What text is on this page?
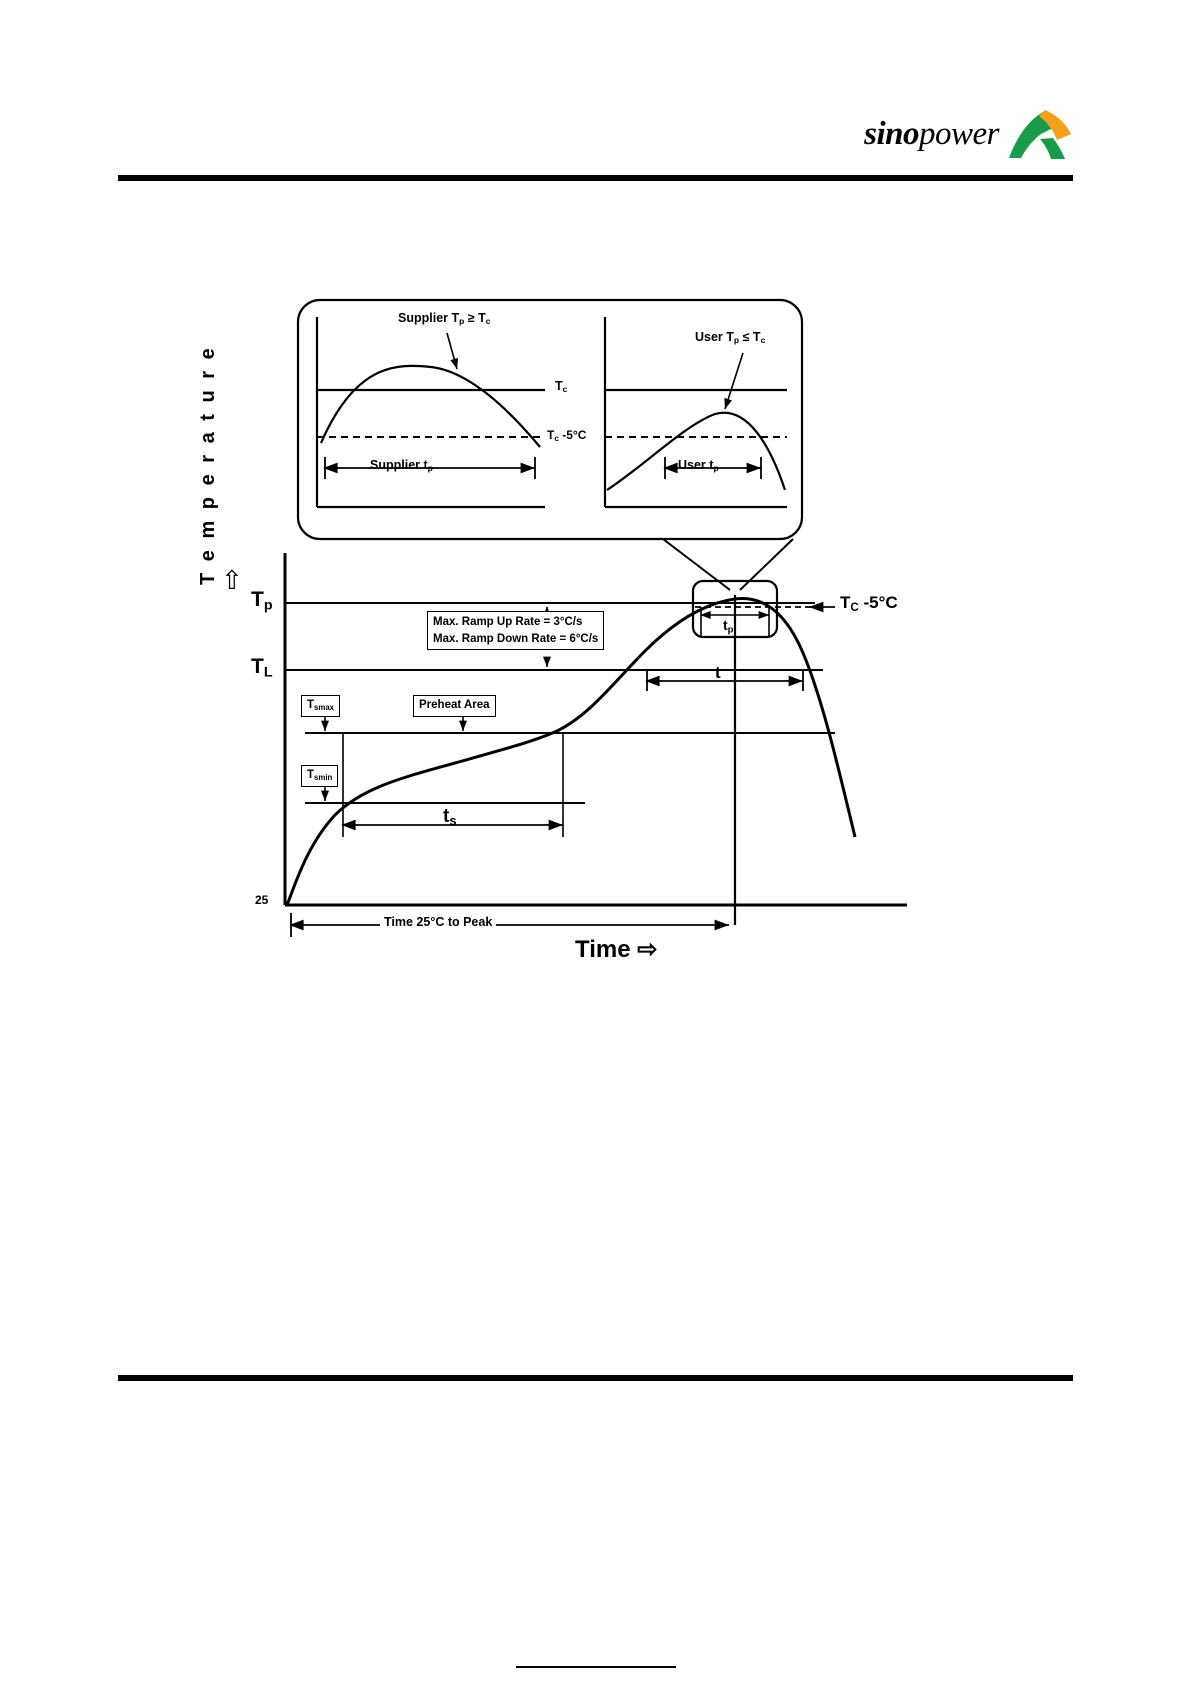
sinopower
Supplier $T_p \ge T_c$
User $T_p \le T_c$
$T_c$
$T_c$ -5°C
Supplier $t_p$	User $t_p$
T e m p e r a t u r e ⇧
$T_p$
$T_L$
$T_{smax}$
$T_{smin}$
Preheat Area
Max. Ramp Up Rate = 3°C/s
Max. Ramp Down Rate = 6°C/s
t
$t_s$
$t_p$
$T_C$ -5°C
25
Time 25°C to Peak
Time ⇨
